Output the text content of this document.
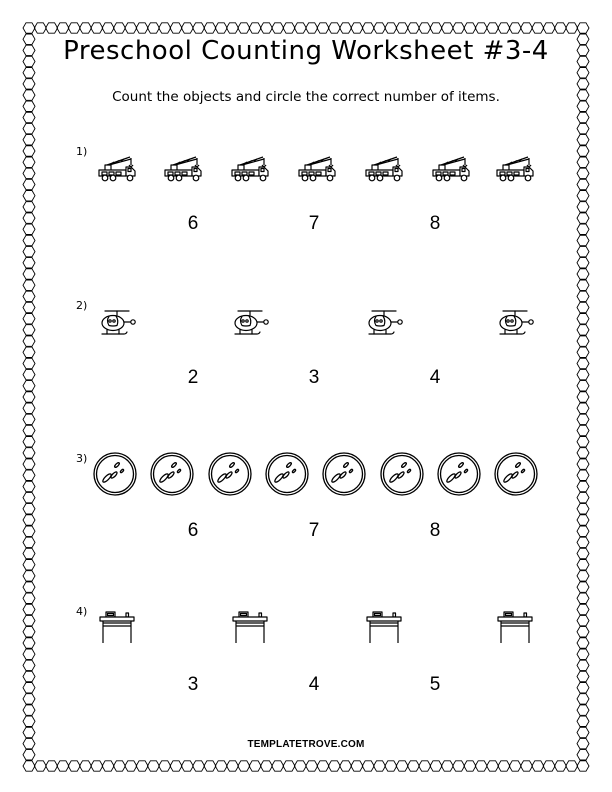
Preschool Counting Worksheet #3-4
Count the objects and circle the correct number of items.
1)
6	7	8
2)
2	3	4
3)
6	7	8
4)
3	4	5
TEMPLATETROVE.COM
